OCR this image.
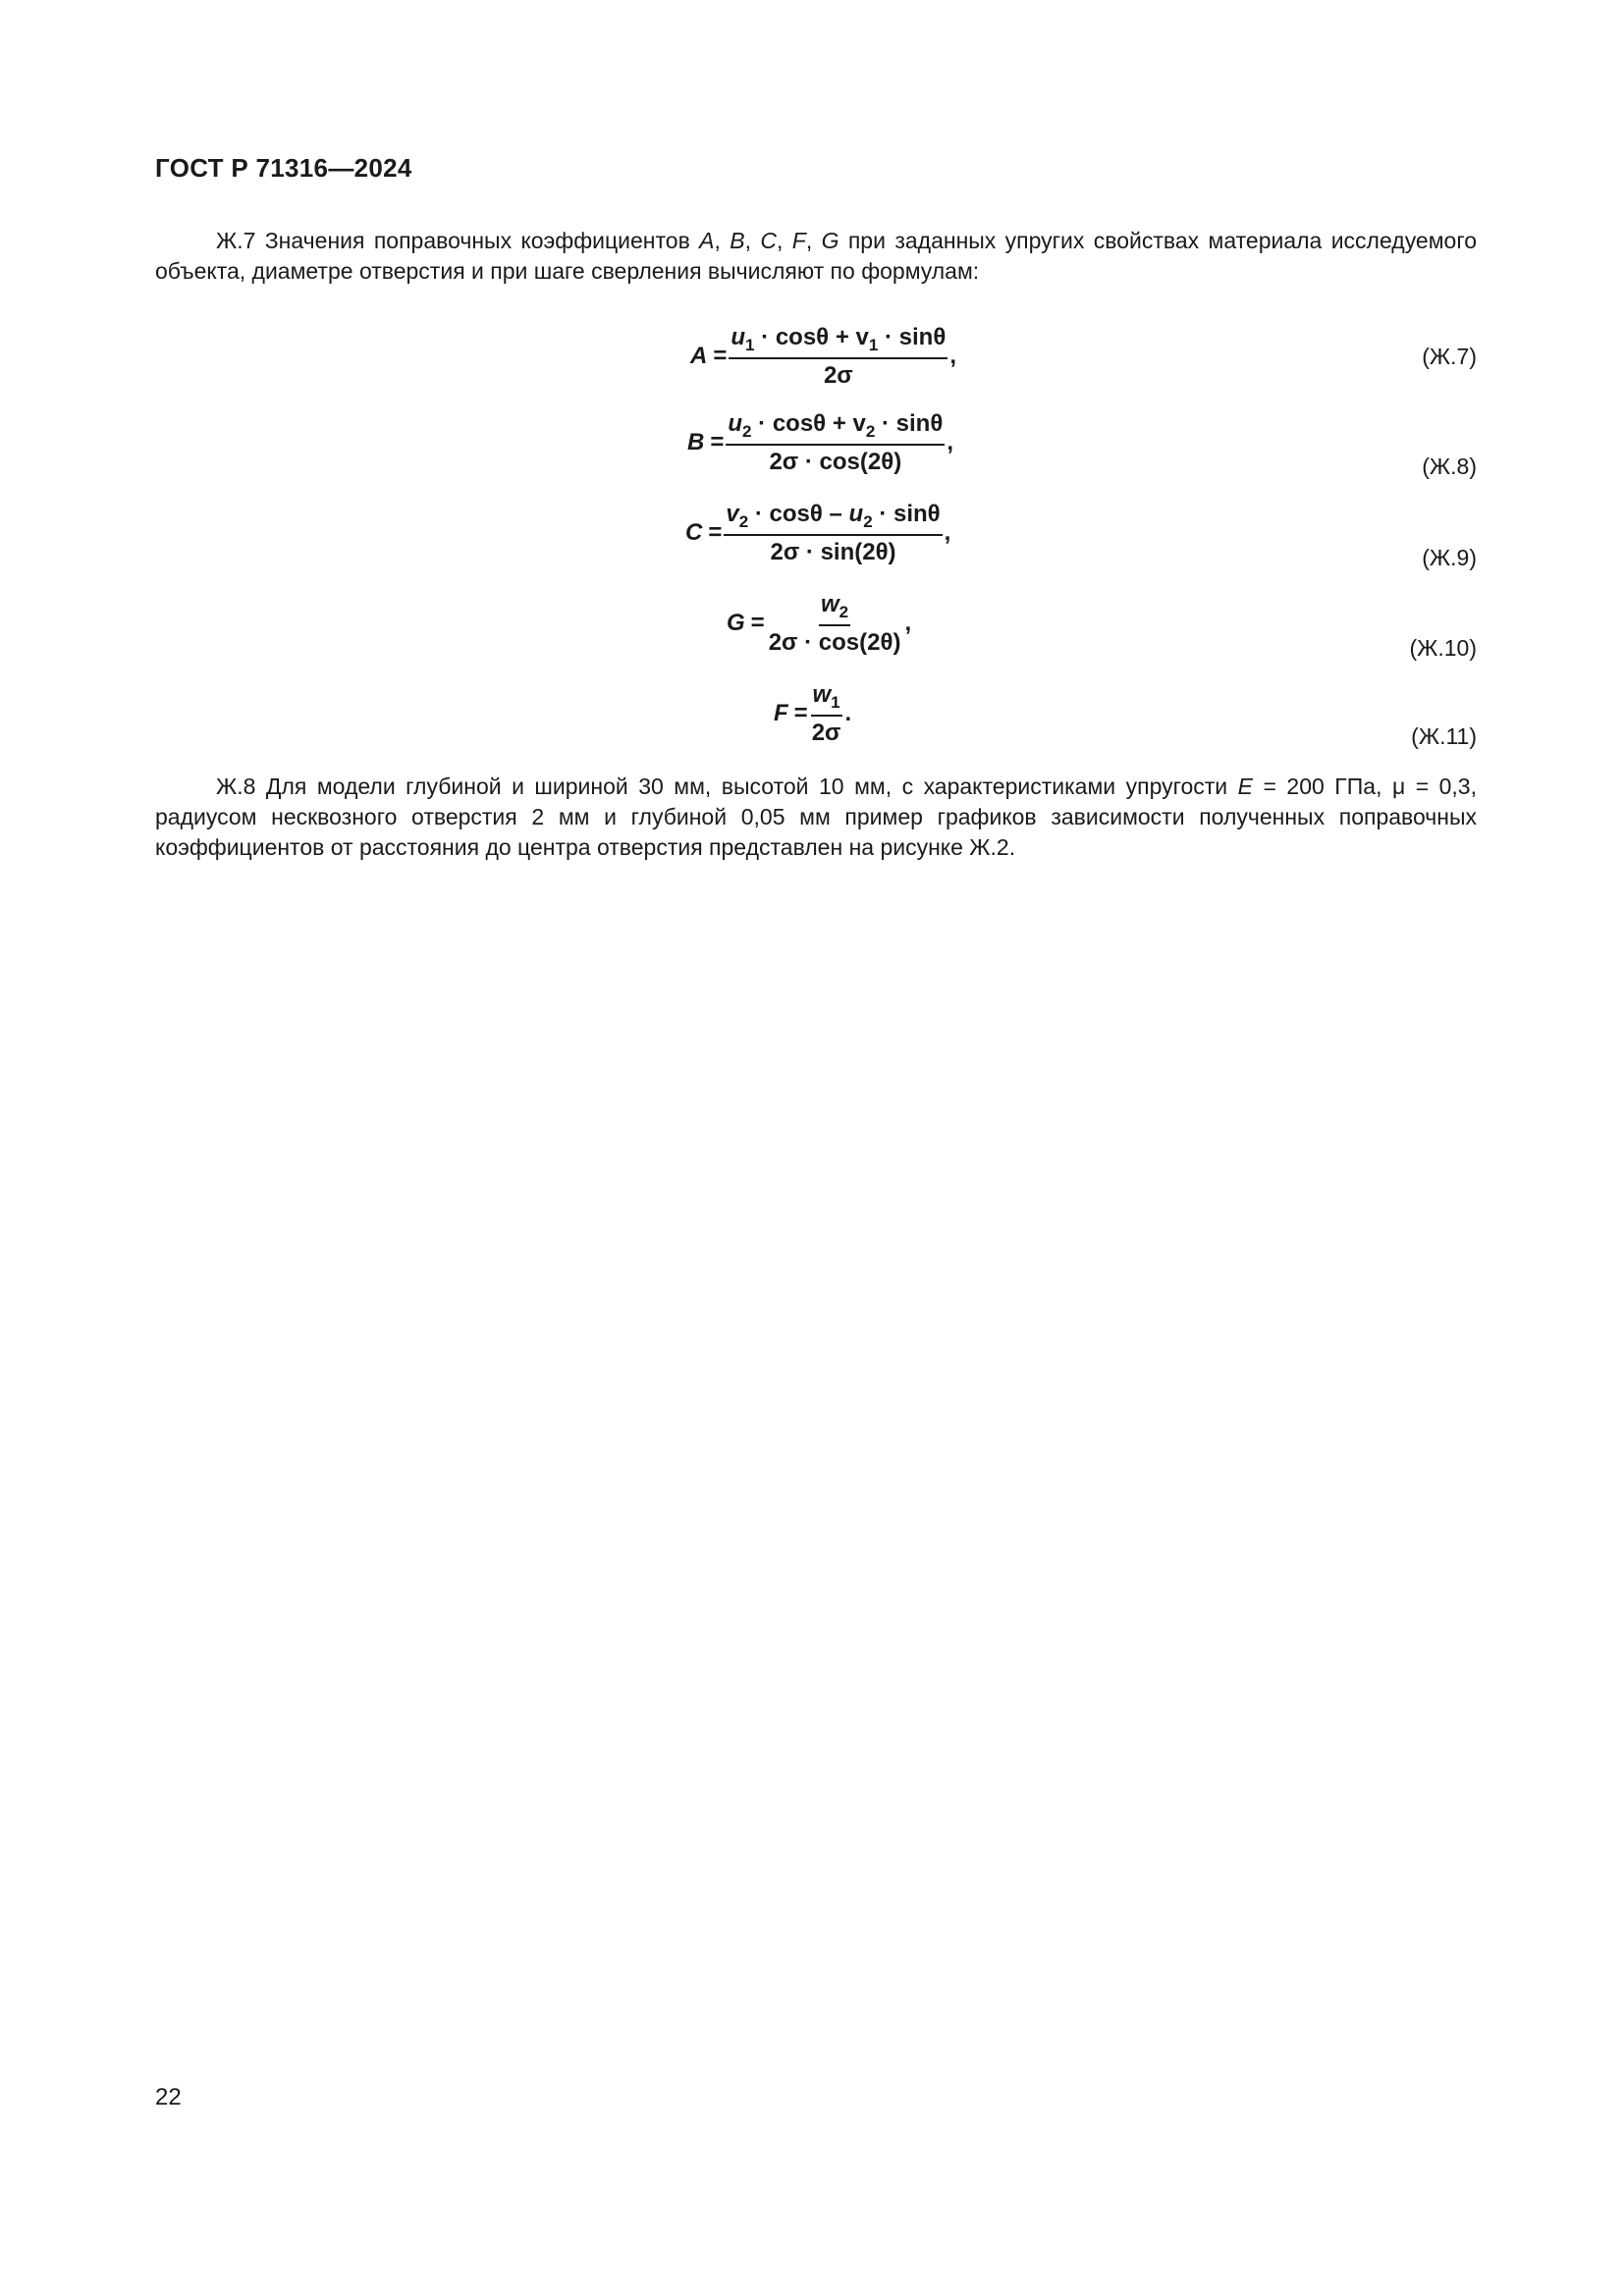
ГОСТ Р 71316—2024

Ж.7 Значения поправочных коэффициентов A, B, C, F, G при заданных упругих свойствах материала исследуемого объекта, диаметре отверстия и при шаге сверления вычисляют по формулам:

$A = \frac{u_1 \cdot \cos\theta + v_1 \cdot \sin\theta}{2\sigma}$ ,	(Ж.7)
$B = \frac{u_2 \cdot \cos\theta + v_2 \cdot \sin\theta}{2\sigma \cdot \cos(2\theta)}$ ,
(Ж.8)
$C = \frac{v_2 \cdot \cos\theta - u_2 \cdot \sin\theta}{2\sigma \cdot \sin(2\theta)}$ ,
(Ж.9)
$G = \frac{w_2}{2\sigma \cdot \cos(2\theta)}$ ,
(Ж.10)
$F = \frac{w_1}{2\sigma}$ .
(Ж.11)

Ж.8 Для модели глубиной и шириной 30 мм, высотой 10 мм, с характеристиками упругости E = 200 ГПа, μ = 0,3, радиусом несквозного отверстия 2 мм и глубиной 0,05 мм пример графиков зависимости полученных поправочных коэффициентов от расстояния до центра отверстия представлен на рисунке Ж.2.

22
